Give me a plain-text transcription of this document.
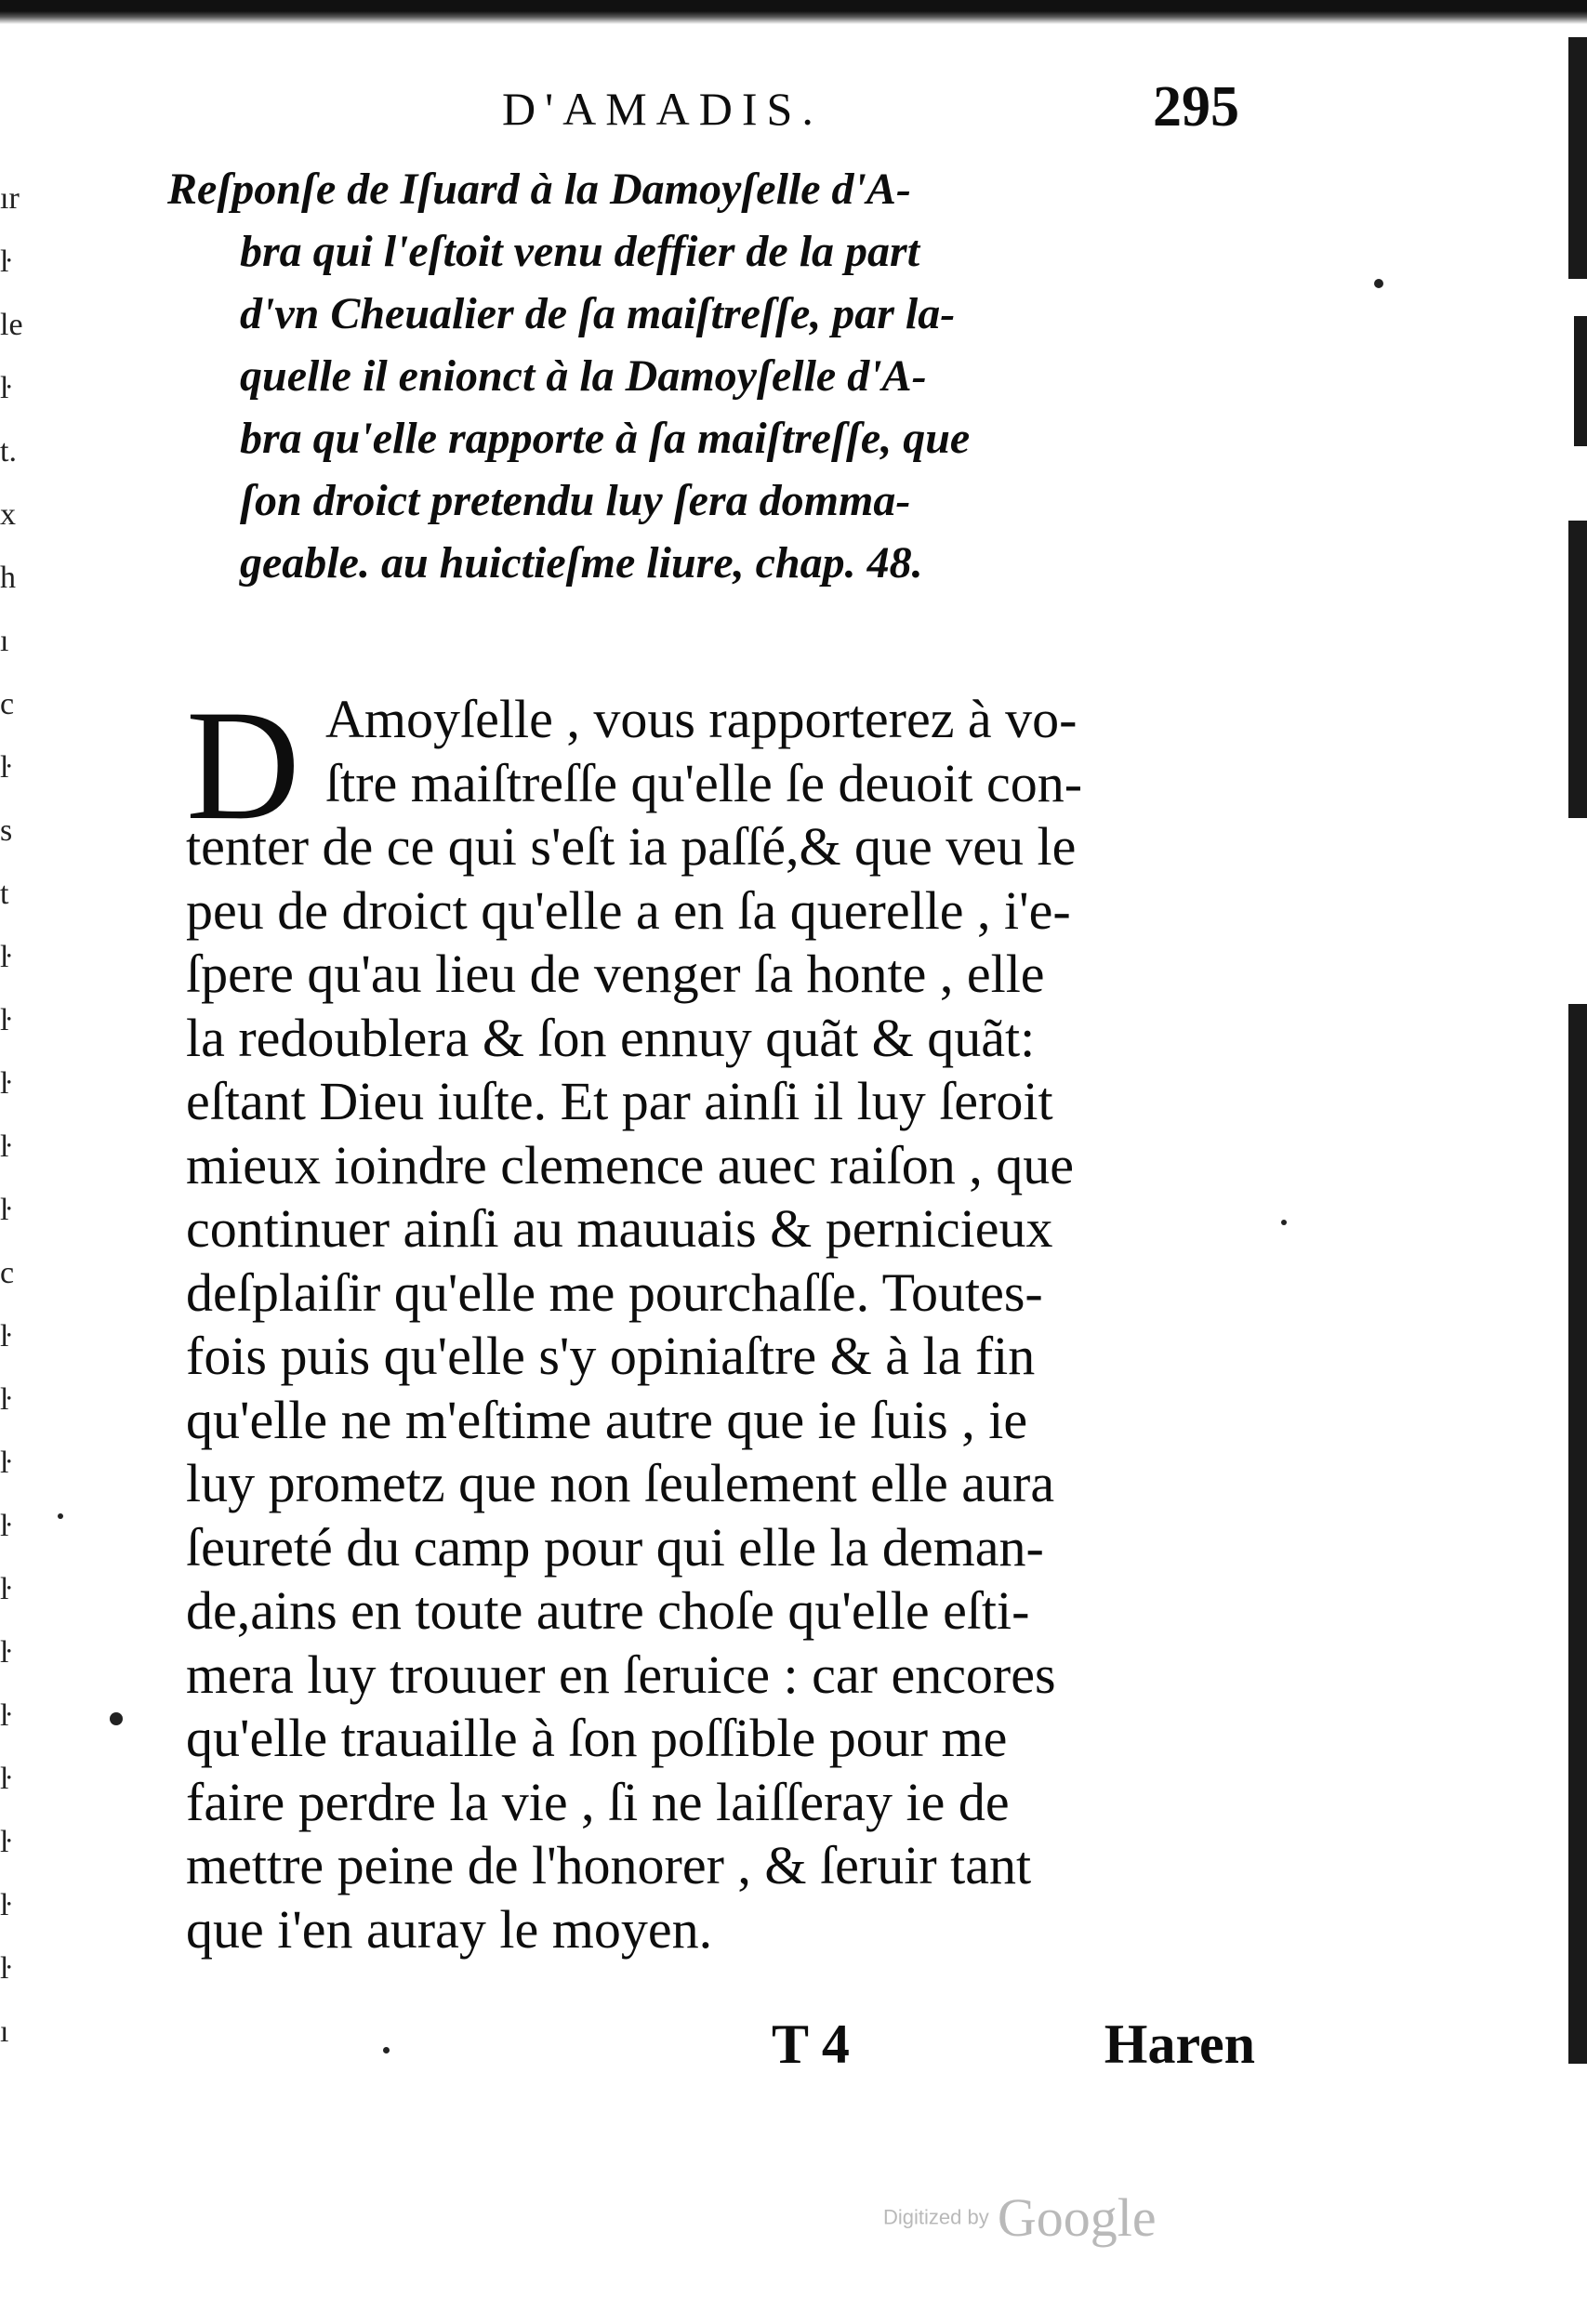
ır
ŀ
le
ŀ
t.
x
h
ı
c
ŀ
s
t
ŀ
ŀ
ŀ
ŀ
ŀ
c
ŀ
ŀ
ŀ
ŀ
ŀ
ŀ
ŀ
ŀ
ŀ
ŀ
ŀ
ı
D'AMADIS.	295
Reſponſe de Iſuard à la Damoyſelle d'A-
bra qui l'eſtoit venu deffier de la part
d'vn Cheualier de ſa maiſtreſſe, par la-
quelle il enionct à la Damoyſelle d'A-
bra qu'elle rapporte à ſa maiſtreſſe, que
ſon droict pretendu luy ſera domma-
geable. au huictieſme liure, chap. 48.
D Amoyſelle , vous rapporterez à vo-
ſtre maiſtreſſe qu'elle ſe deuoit con-
tenter de ce qui s'eſt ia paſſé,& que veu le
peu de droict qu'elle a en ſa querelle , i'e-
ſpere qu'au lieu de venger ſa honte , elle
la redoublera & ſon ennuy quãt & quãt:
eſtant Dieu iuſte. Et par ainſi il luy ſeroit
mieux ioindre clemence auec raiſon , que
continuer ainſi au mauuais & pernicieux
deſplaiſir qu'elle me pourchaſſe. Toutes-
fois puis qu'elle s'y opiniaſtre & à la fin
qu'elle ne m'eſtime autre que ie ſuis , ie
luy prometz que non ſeulement elle aura
ſeureté du camp pour qui elle la deman-
de,ains en toute autre choſe qu'elle eſti-
mera luy trouuer en ſeruice : car encores
qu'elle trauaille à ſon poſſible pour me
faire perdre la vie , ſi ne laiſſeray ie de
mettre peine de l'honorer , & ſeruir tant
que i'en auray le moyen.
T 4	Haren
Digitized by Google
